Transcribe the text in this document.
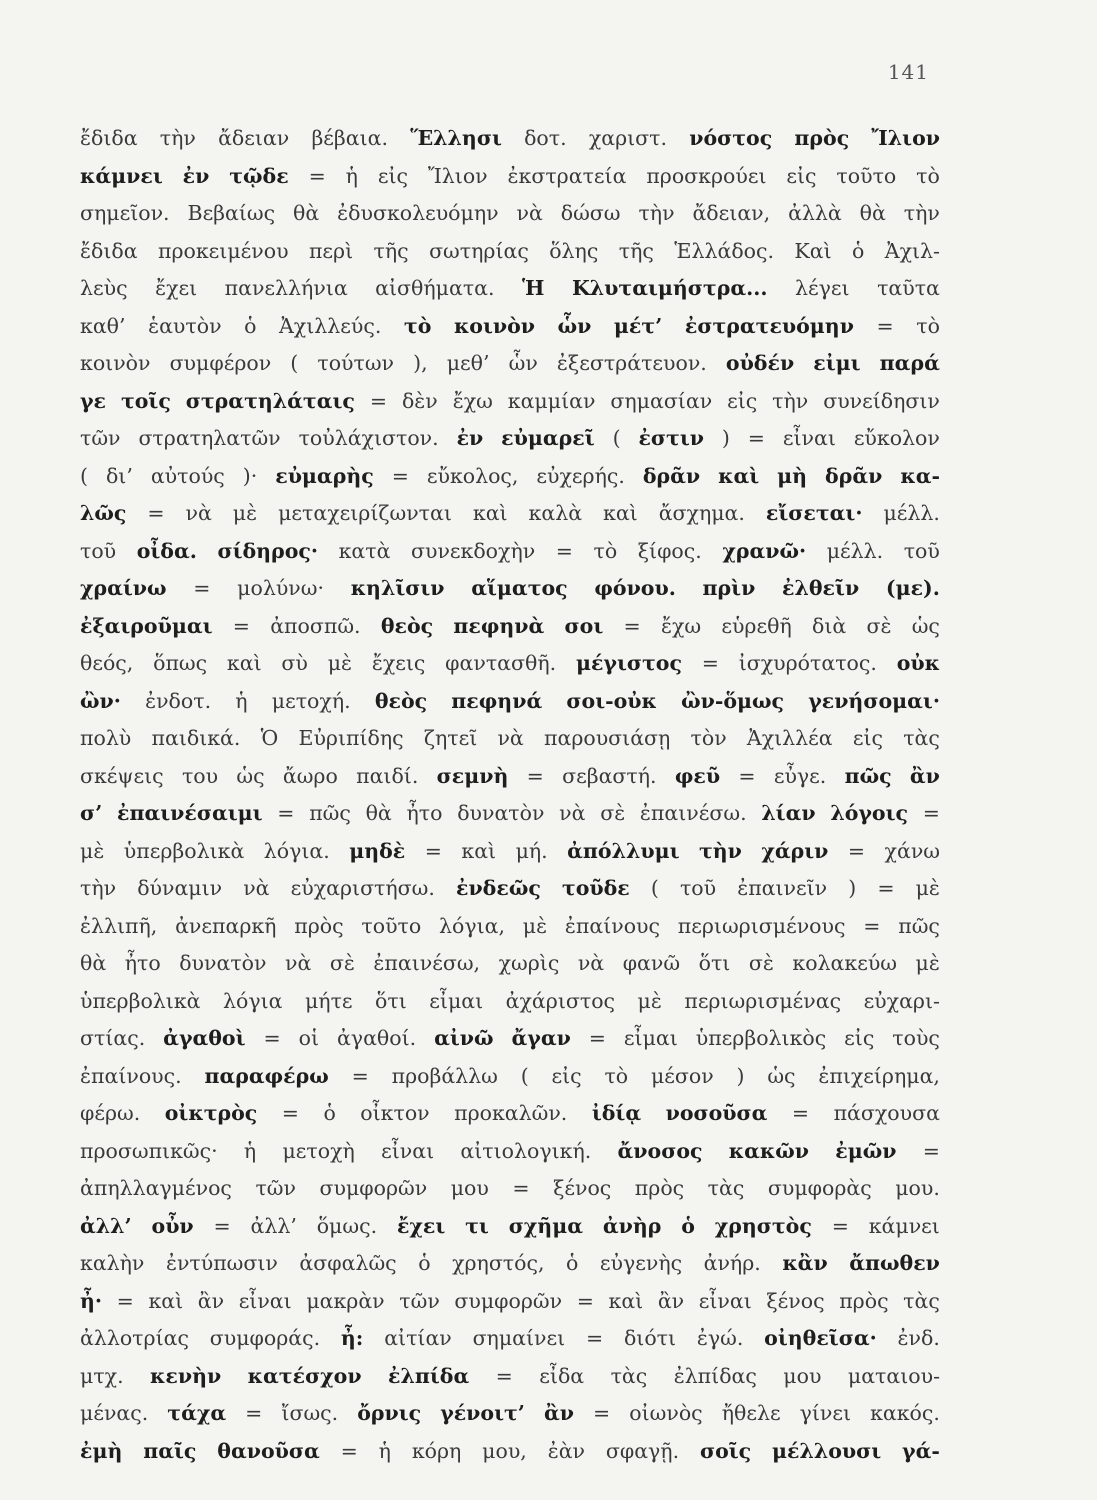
141
ἔδιδα τὴν ἄδειαν βέβαια. Ἕλλησι δοτ. χαριστ. νόστος πρὸς Ἴλιον
κάμνει ἐν τῷδε = ἡ εἰς Ἴλιον ἐκστρατεία προσκρούει εἰς τοῦτο τὸ
σημεῖον. Βεβαίως θὰ ἐδυσκολευόμην νὰ δώσω τὴν ἄδειαν, ἀλλὰ θὰ τὴν
ἔδιδα προκειμένου περὶ τῆς σωτηρίας ὅλης τῆς Ἑλλάδος. Καὶ ὁ Ἀχιλ-
λεὺς ἔχει πανελλήνια αἰσθήματα. Ἡ Κλυταιμήστρα... λέγει ταῦτα
καθ’ ἑαυτὸν ὁ Ἀχιλλεύς. τὸ κοινὸν ὧν μέτ’ ἐστρατευόμην = τὸ
κοινὸν συμφέρον ( τούτων ), μεθ’ ὧν ἐξεστράτευον. οὐδέν εἰμι παρά
γε τοῖς στρατηλάταις = δὲν ἔχω καμμίαν σημασίαν εἰς τὴν συνείδησιν
τῶν στρατηλατῶν τοὐλάχιστον. ἐν εὐμαρεῖ ( ἐστιν ) = εἶναι εὔκολον
( δι’ αὐτούς )· εὐμαρὴς = εὔκολος, εὐχερής. δρᾶν καὶ μὴ δρᾶν κα-
λῶς = νὰ μὲ μεταχειρίζωνται καὶ καλὰ καὶ ἄσχημα. εἴσεται· μέλλ.
τοῦ οἶδα. σίδηρος· κατὰ συνεκδοχὴν = τὸ ξίφος. χρανῶ· μέλλ. τοῦ
χραίνω = μολύνω· κηλῖσιν αἵματος φόνου. πρὶν ἐλθεῖν (με).
ἐξαιροῦμαι = ἀποσπῶ. θεὸς πεφηνὰ σοι = ἔχω εὑρεθῆ διὰ σὲ ὡς
θεός, ὅπως καὶ σὺ μὲ ἔχεις φαντασθῆ. μέγιστος = ἰσχυρότατος. οὐκ
ὢν· ἐνδοτ. ἡ μετοχή. θεὸς πεφηνά σοι-οὐκ ὢν-ὅμως γενήσομαι·
πολὺ παιδικά. Ὁ Εὐριπίδης ζητεῖ νὰ παρουσιάσῃ τὸν Ἀχιλλέα εἰς τὰς
σκέψεις του ὡς ἄωρο παιδί. σεμνὴ = σεβαστή. φεῦ = εὖγε. πῶς ἂν
σ’ ἐπαινέσαιμι = πῶς θὰ ἦτο δυνατὸν νὰ σὲ ἐπαινέσω. λίαν λόγοις =
μὲ ὑπερβολικὰ λόγια. μηδὲ = καὶ μή. ἀπόλλυμι τὴν χάριν = χάνω
τὴν δύναμιν νὰ εὐχαριστήσω. ἐνδεῶς τοῦδε ( τοῦ ἐπαινεῖν ) = μὲ
ἐλλιπῆ, ἀνεπαρκῆ πρὸς τοῦτο λόγια, μὲ ἐπαίνους περιωρισμένους = πῶς
θὰ ἦτο δυνατὸν νὰ σὲ ἐπαινέσω, χωρὶς νὰ φανῶ ὅτι σὲ κολακεύω μὲ
ὑπερβολικὰ λόγια μήτε ὅτι εἶμαι ἀχάριστος μὲ περιωρισμένας εὐχαρι-
στίας. ἀγαθοὶ = οἱ ἀγαθοί. αἰνῶ ἄγαν = εἶμαι ὑπερβολικὸς εἰς τοὺς
ἐπαίνους. παραφέρω = προβάλλω ( εἰς τὸ μέσον ) ὡς ἐπιχείρημα,
φέρω. οἰκτρὸς = ὁ οἶκτον προκαλῶν. ἰδίᾳ νοσοῦσα = πάσχουσα
προσωπικῶς· ἡ μετοχὴ εἶναι αἰτιολογική. ἄνοσος κακῶν ἐμῶν =
ἀπηλλαγμένος τῶν συμφορῶν μου = ξένος πρὸς τὰς συμφορὰς μου.
ἀλλ’ οὖν = ἀλλ’ ὅμως. ἔχει τι σχῆμα ἀνὴρ ὁ χρηστὸς = κάμνει
καλὴν ἐντύπωσιν ἀσφαλῶς ὁ χρηστός, ὁ εὐγενὴς ἀνήρ. κἂν ἄπωθεν
ἦ· = καὶ ἂν εἶναι μακρὰν τῶν συμφορῶν = καὶ ἂν εἶναι ξένος πρὸς τὰς
ἀλλοτρίας συμφοράς. ἦ: αἰτίαν σημαίνει = διότι ἐγώ. οἰηθεῖσα· ἐνδ.
μτχ. κενὴν κατέσχον ἐλπίδα = εἶδα τὰς ἐλπίδας μου ματαιου-
μένας. τάχα = ἴσως. ὄρνις γένοιτ’ ἂν = οἰωνὸς ἤθελε γίνει κακός.
ἐμὴ παῖς θανοῦσα = ἡ κόρη μου, ἐὰν σφαγῇ. σοῖς μέλλουσι γά-
